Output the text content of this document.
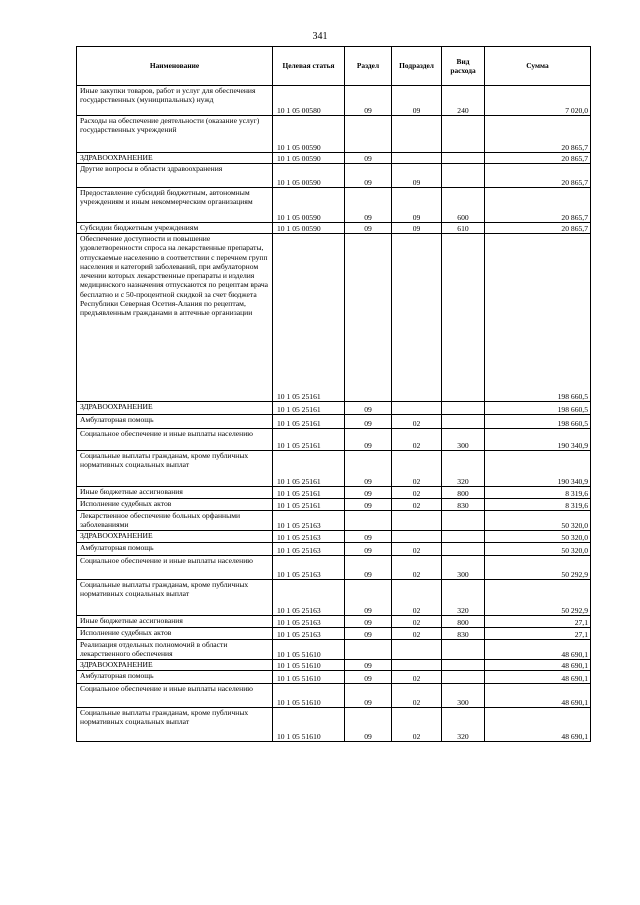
341
Наименование	Целевая статья	Раздел	Подраздел	Вид расхода	Сумма
Иные закупки товаров, работ и услуг для обеспечения государственных (муниципальных) нужд	10 1 05 00580	09	09	240	7 020,0
Расходы на обеспечение деятельности (оказание услуг) государственных учреждений	10 1 05 00590				20 865,7
ЗДРАВООХРАНЕНИЕ	10 1 05 00590	09			20 865,7
Другие вопросы в области здравоохранения	10 1 05 00590	09	09		20 865,7
Предоставление субсидий бюджетным, автономным учреждениям и иным некоммерческим организациям	10 1 05 00590	09	09	600	20 865,7
Субсидии бюджетным учреждениям	10 1 05 00590	09	09	610	20 865,7
Обеспечение доступности и повышение удовлетворенности спроса на лекарственные препараты, отпускаемые населению в соответствии с перечнем групп населения и категорий заболеваний, при амбулаторном лечении которых лекарственные препараты и изделия медицинского назначения отпускаются по рецептам врача бесплатно и с 50-процентной скидкой за счет бюджета Республики Северная Осетия-Алания по рецептам, предъявленным гражданами в аптечные организации	10 1 05 25161				198 660,5
ЗДРАВООХРАНЕНИЕ	10 1 05 25161	09			198 660,5
Амбулаторная помощь	10 1 05 25161	09	02		198 660,5
Социальное обеспечение и иные выплаты населению	10 1 05 25161	09	02	300	190 340,9
Социальные выплаты гражданам, кроме публичных нормативных социальных выплат	10 1 05 25161	09	02	320	190 340,9
Иные бюджетные ассигнования	10 1 05 25161	09	02	800	8 319,6
Исполнение судебных актов	10 1 05 25161	09	02	830	8 319,6
Лекарственное обеспечение больных орфанными заболеваниями	10 1 05 25163				50 320,0
ЗДРАВООХРАНЕНИЕ	10 1 05 25163	09			50 320,0
Амбулаторная помощь	10 1 05 25163	09	02		50 320,0
Социальное обеспечение и иные выплаты населению	10 1 05 25163	09	02	300	50 292,9
Социальные выплаты гражданам, кроме публичных нормативных социальных выплат	10 1 05 25163	09	02	320	50 292,9
Иные бюджетные ассигнования	10 1 05 25163	09	02	800	27,1
Исполнение судебных актов	10 1 05 25163	09	02	830	27,1
Реализация отдельных полномочий в области лекарственного обеспечения	10 1 05 51610				48 690,1
ЗДРАВООХРАНЕНИЕ	10 1 05 51610	09			48 690,1
Амбулаторная помощь	10 1 05 51610	09	02		48 690,1
Социальное обеспечение и иные выплаты населению	10 1 05 51610	09	02	300	48 690,1
Социальные выплаты гражданам, кроме публичных нормативных социальных выплат	10 1 05 51610	09	02	320	48 690,1
